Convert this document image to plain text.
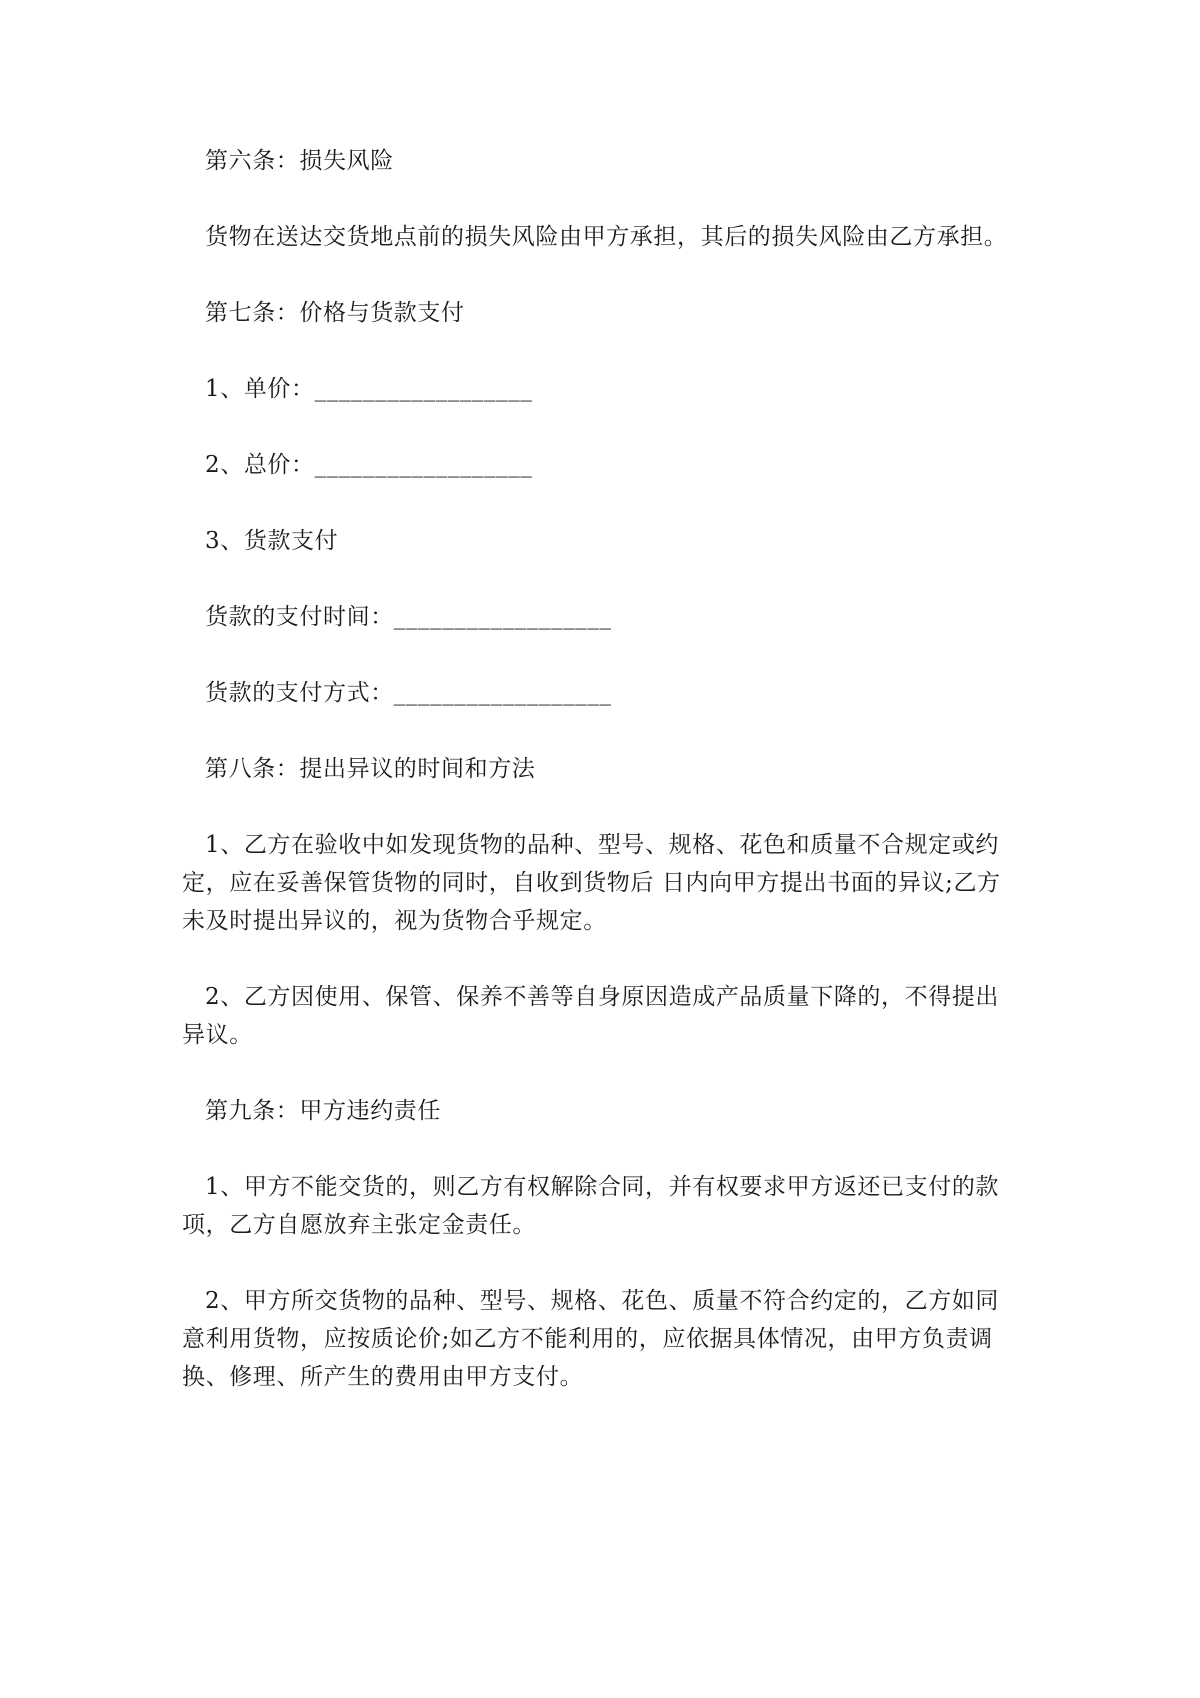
第六条：损失风险

货物在送达交货地点前的损失风险由甲方承担，其后的损失风险由乙方承担。

第七条：价格与货款支付

1、单价：__________________

2、总价：__________________

3、货款支付

货款的支付时间：__________________

货款的支付方式：__________________

第八条：提出异议的时间和方法

1、乙方在验收中如发现货物的品种、型号、规格、花色和质量不合规定或约定，应在妥善保管货物的同时，自收到货物后 日内向甲方提出书面的异议;乙方未及时提出异议的，视为货物合乎规定。

2、乙方因使用、保管、保养不善等自身原因造成产品质量下降的，不得提出异议。

第九条：甲方违约责任

1、甲方不能交货的，则乙方有权解除合同，并有权要求甲方返还已支付的款项，乙方自愿放弃主张定金责任。

2、甲方所交货物的品种、型号、规格、花色、质量不符合约定的，乙方如同意利用货物，应按质论价;如乙方不能利用的，应依据具体情况，由甲方负责调换、修理、所产生的费用由甲方支付。
